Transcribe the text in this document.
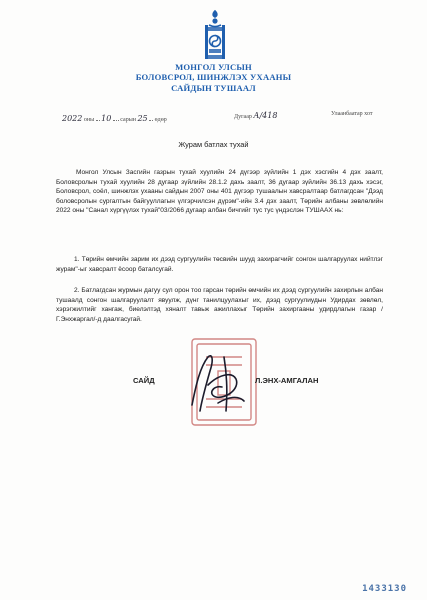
МОНГОЛ УЛСЫН
БОЛОВСРОЛ, ШИНЖЛЭХ УХААНЫ
САЙДЫН ТУШААЛ
2022 оны 10 сарын 25 өдөр	Дугаар А/418	Улаанбаатар хот
Журам батлах тухай
Монгол Улсын Засгийн газрын тухай хуулийн 24 дүгээр зүйлийн 1 дэх хэсгийн 4 дэх заалт, Боловсролын тухай хуулийн 28 дугаар зүйлийн 28.1.2 дахь заалт, 36 дугаар зүйлийн 36.13 дахь хэсэг, Боловсрол, соёл, шинжлэх ухааны сайдын 2007 оны 401 дүгээр тушаалын хавсралтаар батлагдсан "Дээд боловсролын сургалтын байгууллагын үлгэрчилсэн дүрэм"-ийн 3.4 дэх заалт, Төрийн албаны зөвлөлийн 2022 оны "Санал хүргүүлэх тухай"03/2066 дугаар албан бичгийг тус тус үндэслэн ТУШААХ нь:
1. Төрийн өмчийн зарим их дээд сургуулийн төсвийн шууд захирагчийг сонгон шалгаруулах нийтлэг журам"-ыг хавсралт ёсоор баталсугай.
2. Батлагдсан журмын дагуу сул орон тоо гарсан төрийн өмчийн их дээд сургуулийн захирлын албан тушаалд сонгон шалгаруулалт явуулж, дүнг танилцуулахыг их, дээд сургуулиудын Удирдах зөвлөл, хэрэгжилтийг хангаж, биелэлтэд хяналт тавьж ажиллахыг Төрийн захиргааны удирдлагын газар /Г.Энхжаргал/-д даалгасугай.
САЙД	Л.ЭНХ-АМГАЛАН
1433130
